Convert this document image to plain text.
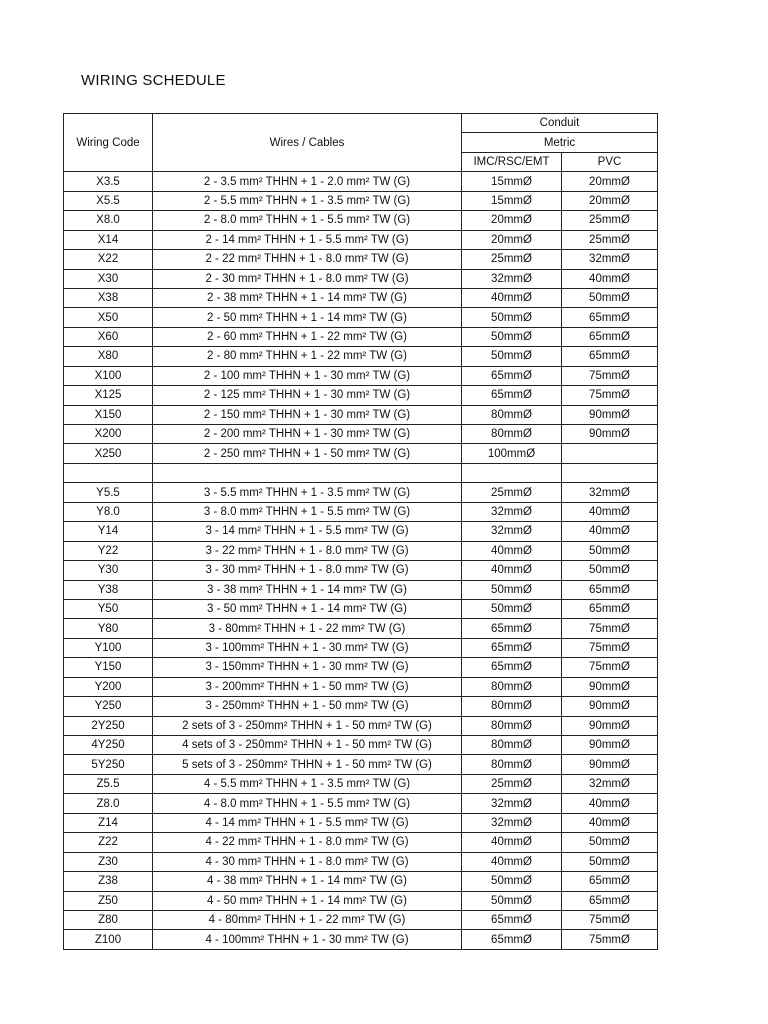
WIRING SCHEDULE
Wiring Code	Wires / Cables	Conduit	
		Metric	
		IMC/RSC/EMT	PVC
X3.5	2 - 3.5 mm² THHN + 1 - 2.0 mm² TW (G)	15mmØ	20mmØ
X5.5	2 - 5.5 mm² THHN + 1 - 3.5 mm² TW (G)	15mmØ	20mmØ
X8.0	2 - 8.0 mm² THHN + 1 - 5.5 mm² TW (G)	20mmØ	25mmØ
X14	2 - 14 mm² THHN + 1 - 5.5 mm² TW (G)	20mmØ	25mmØ
X22	2 - 22 mm² THHN + 1 - 8.0 mm² TW (G)	25mmØ	32mmØ
X30	2 - 30 mm² THHN + 1 - 8.0 mm² TW (G)	32mmØ	40mmØ
X38	2 - 38 mm² THHN + 1 - 14 mm² TW (G)	40mmØ	50mmØ
X50	2 - 50 mm² THHN + 1 - 14 mm² TW (G)	50mmØ	65mmØ
X60	2 - 60 mm² THHN + 1 - 22 mm² TW (G)	50mmØ	65mmØ
X80	2 - 80 mm² THHN + 1 - 22 mm² TW (G)	50mmØ	65mmØ
X100	2 - 100 mm² THHN + 1 - 30 mm² TW (G)	65mmØ	75mmØ
X125	2 - 125 mm² THHN + 1 - 30 mm² TW (G)	65mmØ	75mmØ
X150	2 - 150 mm² THHN + 1 - 30 mm² TW (G)	80mmØ	90mmØ
X200	2 - 200 mm² THHN + 1 - 30 mm² TW (G)	80mmØ	90mmØ
X250	2 - 250 mm² THHN + 1 - 50 mm² TW (G)	100mmØ	

Y5.5	3 - 5.5 mm² THHN + 1 - 3.5 mm² TW (G)	25mmØ	32mmØ
Y8.0	3 - 8.0 mm² THHN + 1 - 5.5 mm² TW (G)	32mmØ	40mmØ
Y14	3 - 14 mm² THHN + 1 - 5.5 mm² TW (G)	32mmØ	40mmØ
Y22	3 - 22 mm² THHN + 1 - 8.0 mm² TW (G)	40mmØ	50mmØ
Y30	3 - 30 mm² THHN + 1 - 8.0 mm² TW (G)	40mmØ	50mmØ
Y38	3 - 38 mm² THHN + 1 - 14 mm² TW (G)	50mmØ	65mmØ
Y50	3 - 50 mm² THHN + 1 - 14 mm² TW (G)	50mmØ	65mmØ
Y80	3 - 80mm² THHN + 1 - 22 mm² TW (G)	65mmØ	75mmØ
Y100	3 - 100mm² THHN + 1 - 30 mm² TW (G)	65mmØ	75mmØ
Y150	3 - 150mm² THHN + 1 - 30 mm² TW (G)	65mmØ	75mmØ
Y200	3 - 200mm² THHN + 1 - 50 mm² TW (G)	80mmØ	90mmØ
Y250	3 - 250mm² THHN + 1 - 50 mm² TW (G)	80mmØ	90mmØ
2Y250	2 sets of 3 - 250mm² THHN + 1 - 50 mm² TW (G)	80mmØ	90mmØ
4Y250	4 sets of 3 - 250mm² THHN + 1 - 50 mm² TW (G)	80mmØ	90mmØ
5Y250	5 sets of 3 - 250mm² THHN + 1 - 50 mm² TW (G)	80mmØ	90mmØ
Z5.5	4 - 5.5 mm² THHN + 1 - 3.5 mm² TW (G)	25mmØ	32mmØ
Z8.0	4 - 8.0 mm² THHN + 1 - 5.5 mm² TW (G)	32mmØ	40mmØ
Z14	4 - 14 mm² THHN + 1 - 5.5 mm² TW (G)	32mmØ	40mmØ
Z22	4 - 22 mm² THHN + 1 - 8.0 mm² TW (G)	40mmØ	50mmØ
Z30	4 - 30 mm² THHN + 1 - 8.0 mm² TW (G)	40mmØ	50mmØ
Z38	4 - 38 mm² THHN + 1 - 14 mm² TW (G)	50mmØ	65mmØ
Z50	4 - 50 mm² THHN + 1 - 14 mm² TW (G)	50mmØ	65mmØ
Z80	4 - 80mm² THHN + 1 - 22 mm² TW (G)	65mmØ	75mmØ
Z100	4 - 100mm² THHN + 1 - 30 mm² TW (G)	65mmØ	75mmØ
